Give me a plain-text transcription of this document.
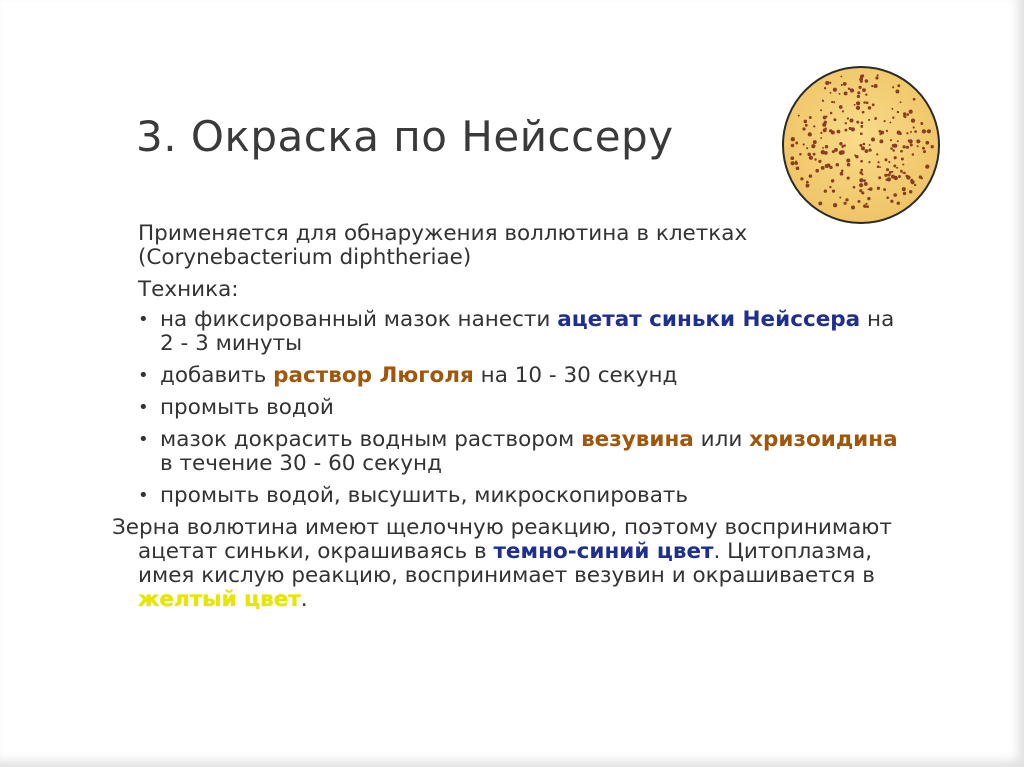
3. Окраска по Нейссеру
Применяется для обнаружения воллютина в клетках
(Corynebacterium diphtheriae)
Техника:
• на фиксированный мазок нанести ацетат синьки Нейссера на 2 - 3 минуты
• добавить раствор Люголя на 10 - 30 секунд
• промыть водой
• мазок докрасить водным раствором везувина или хризоидина в течение 30 - 60 секунд
• промыть водой, высушить, микроскопировать
Зерна волютина имеют щелочную реакцию, поэтому воспринимают ацетат синьки, окрашиваясь в темно-синий цвет. Цитоплазма, имея кислую реакцию, воспринимает везувин и окрашивается в желтый цвет.
